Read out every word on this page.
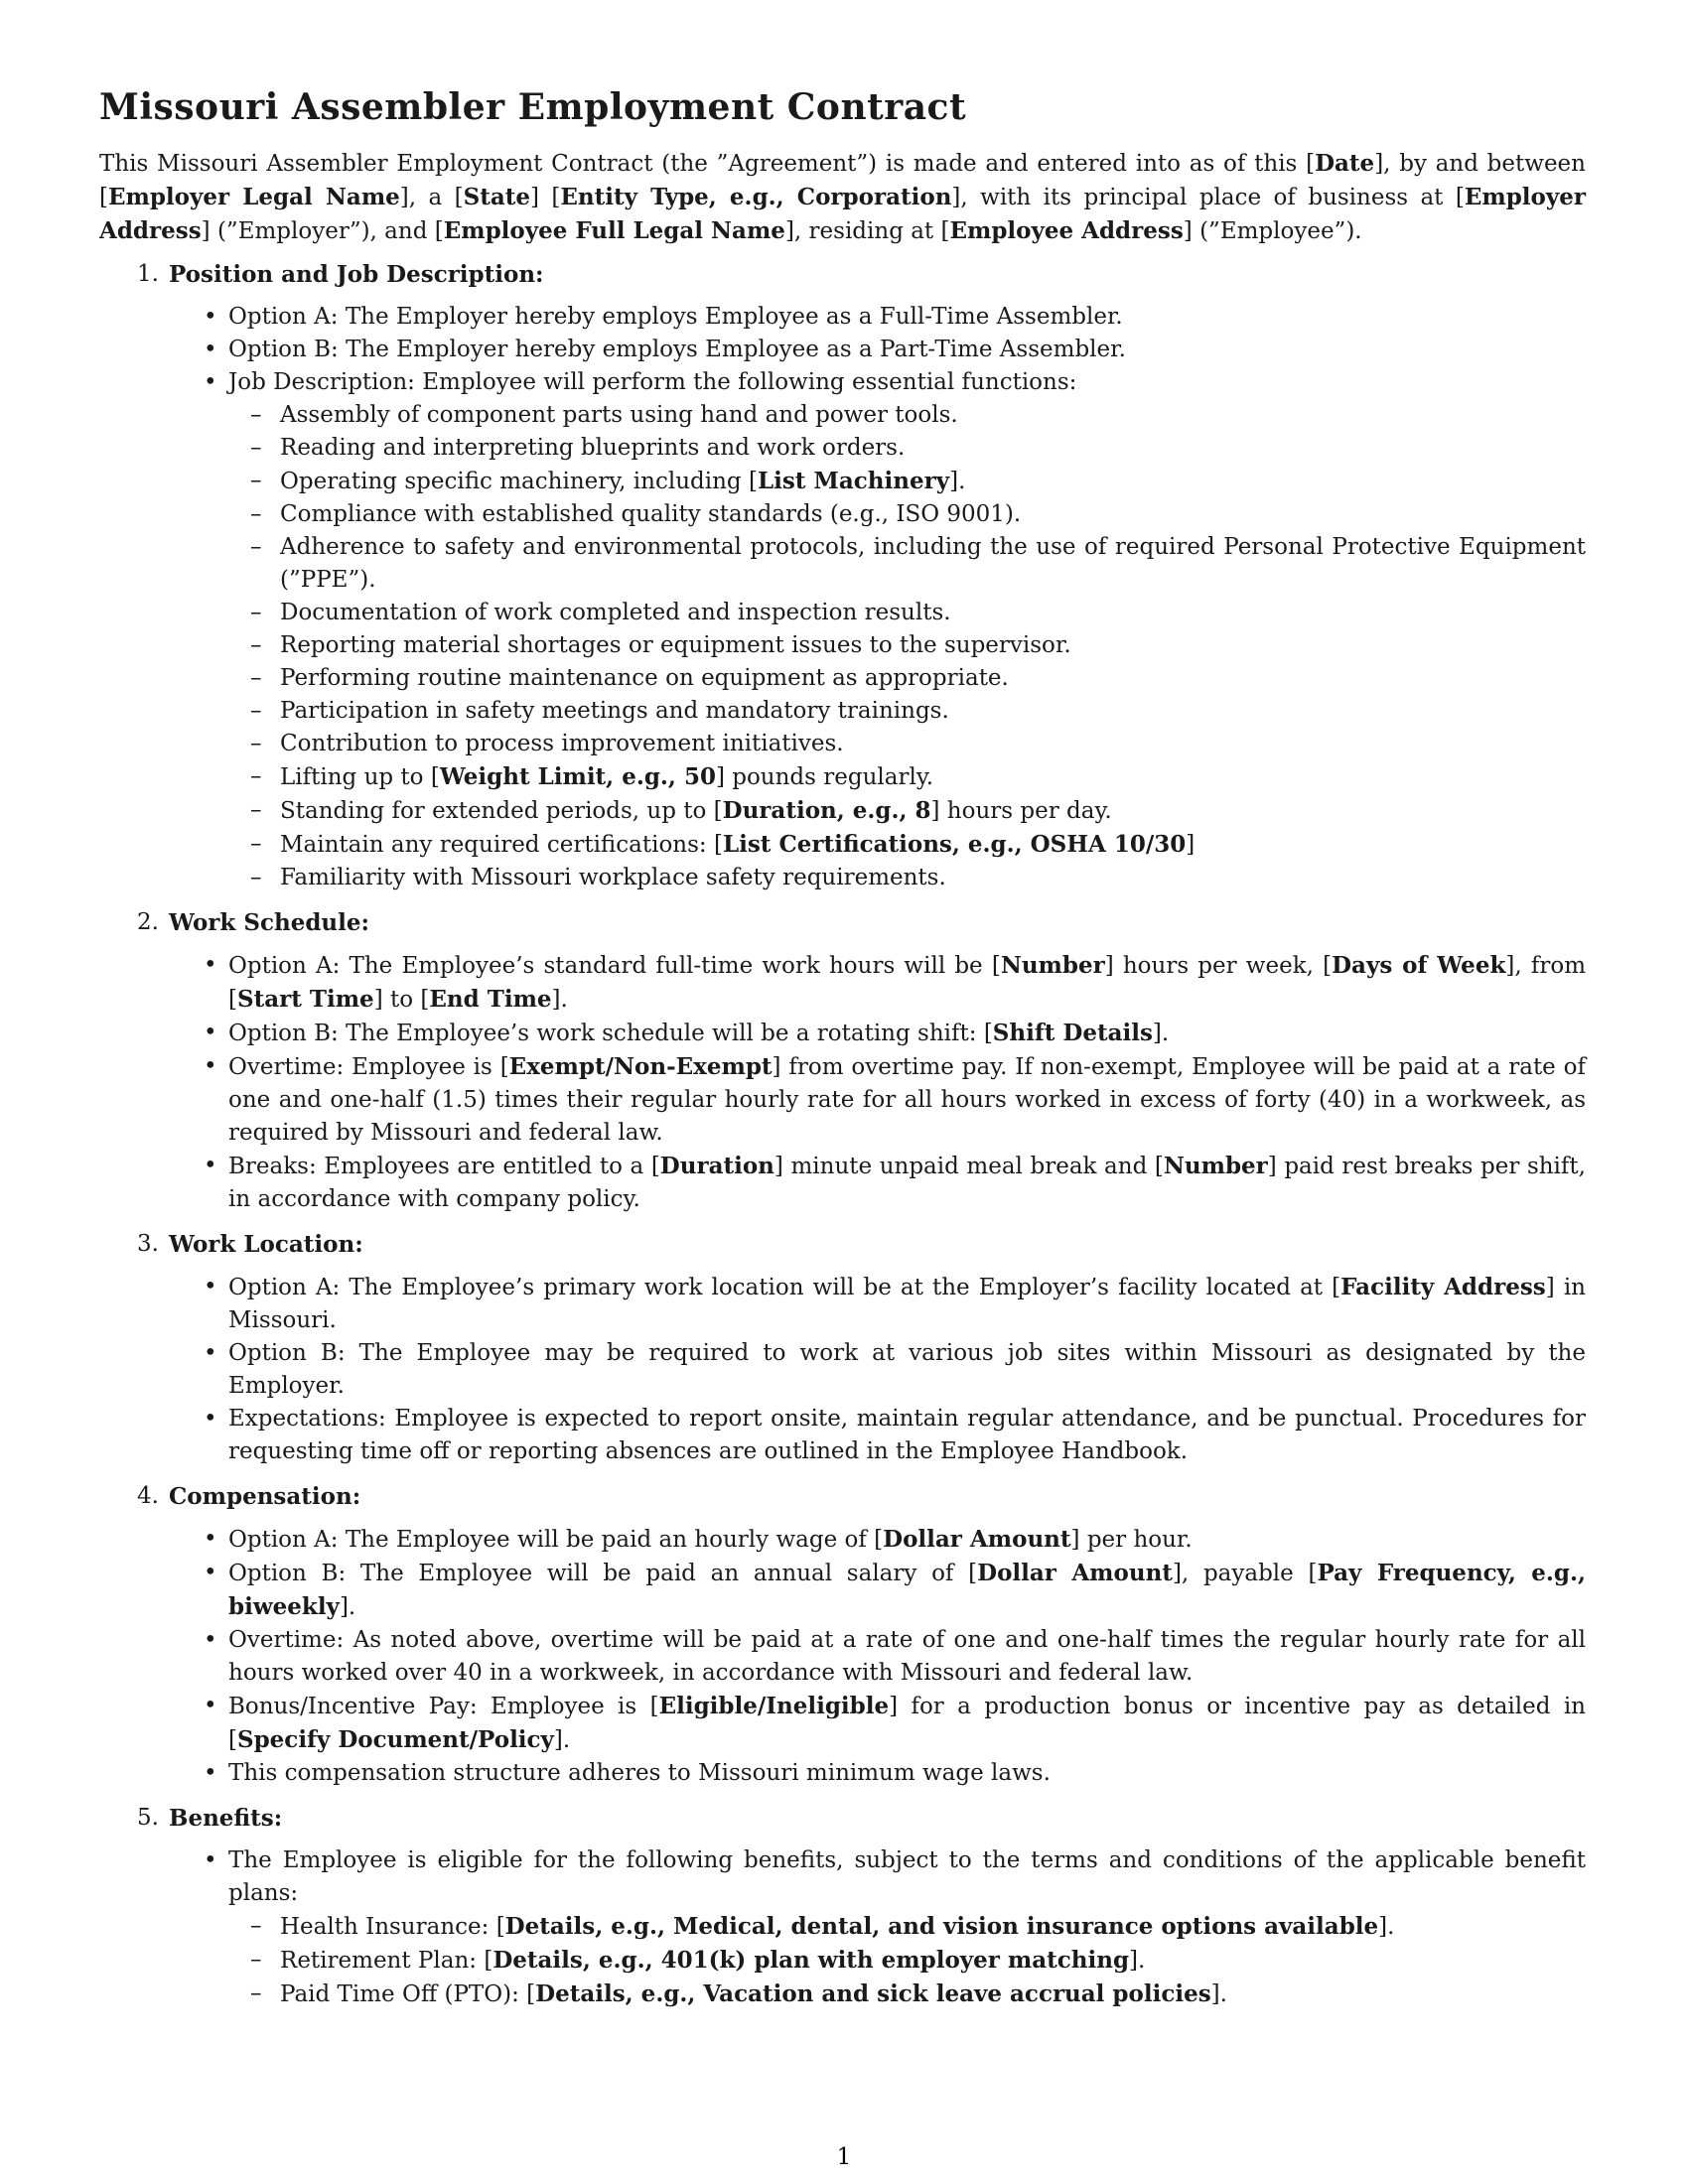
Missouri Assembler Employment Contract

This Missouri Assembler Employment Contract (the ”Agreement”) is made and entered into as of this [Date], by and between [Employer Legal Name], a [State] [Entity Type, e.g., Corporation], with its principal place of business at [Employer Address] (”Employer”), and [Employee Full Legal Name], residing at [Employee Address] (”Employee”).

1. Position and Job Description:
• Option A: The Employer hereby employs Employee as a Full-Time Assembler.
• Option B: The Employer hereby employs Employee as a Part-Time Assembler.
• Job Description: Employee will perform the following essential functions:
– Assembly of component parts using hand and power tools.
– Reading and interpreting blueprints and work orders.
– Operating specific machinery, including [List Machinery].
– Compliance with established quality standards (e.g., ISO 9001).
– Adherence to safety and environmental protocols, including the use of required Personal Protective Equipment (”PPE”).
– Documentation of work completed and inspection results.
– Reporting material shortages or equipment issues to the supervisor.
– Performing routine maintenance on equipment as appropriate.
– Participation in safety meetings and mandatory trainings.
– Contribution to process improvement initiatives.
– Lifting up to [Weight Limit, e.g., 50] pounds regularly.
– Standing for extended periods, up to [Duration, e.g., 8] hours per day.
– Maintain any required certifications: [List Certifications, e.g., OSHA 10/30]
– Familiarity with Missouri workplace safety requirements.
2. Work Schedule:
• Option A: The Employee’s standard full-time work hours will be [Number] hours per week, [Days of Week], from [Start Time] to [End Time].
• Option B: The Employee’s work schedule will be a rotating shift: [Shift Details].
• Overtime: Employee is [Exempt/Non-Exempt] from overtime pay. If non-exempt, Employee will be paid at a rate of one and one-half (1.5) times their regular hourly rate for all hours worked in excess of forty (40) in a workweek, as required by Missouri and federal law.
• Breaks: Employees are entitled to a [Duration] minute unpaid meal break and [Number] paid rest breaks per shift, in accordance with company policy.
3. Work Location:
• Option A: The Employee’s primary work location will be at the Employer’s facility located at [Facility Address] in Missouri.
• Option B: The Employee may be required to work at various job sites within Missouri as designated by the Employer.
• Expectations: Employee is expected to report onsite, maintain regular attendance, and be punctual. Procedures for requesting time off or reporting absences are outlined in the Employee Handbook.
4. Compensation:
• Option A: The Employee will be paid an hourly wage of [Dollar Amount] per hour.
• Option B: The Employee will be paid an annual salary of [Dollar Amount], payable [Pay Frequency, e.g., biweekly].
• Overtime: As noted above, overtime will be paid at a rate of one and one-half times the regular hourly rate for all hours worked over 40 in a workweek, in accordance with Missouri and federal law.
• Bonus/Incentive Pay: Employee is [Eligible/Ineligible] for a production bonus or incentive pay as detailed in [Specify Document/Policy].
• This compensation structure adheres to Missouri minimum wage laws.
5. Benefits:
• The Employee is eligible for the following benefits, subject to the terms and conditions of the applicable benefit plans:
– Health Insurance: [Details, e.g., Medical, dental, and vision insurance options available].
– Retirement Plan: [Details, e.g., 401(k) plan with employer matching].
– Paid Time Off (PTO): [Details, e.g., Vacation and sick leave accrual policies].
1
